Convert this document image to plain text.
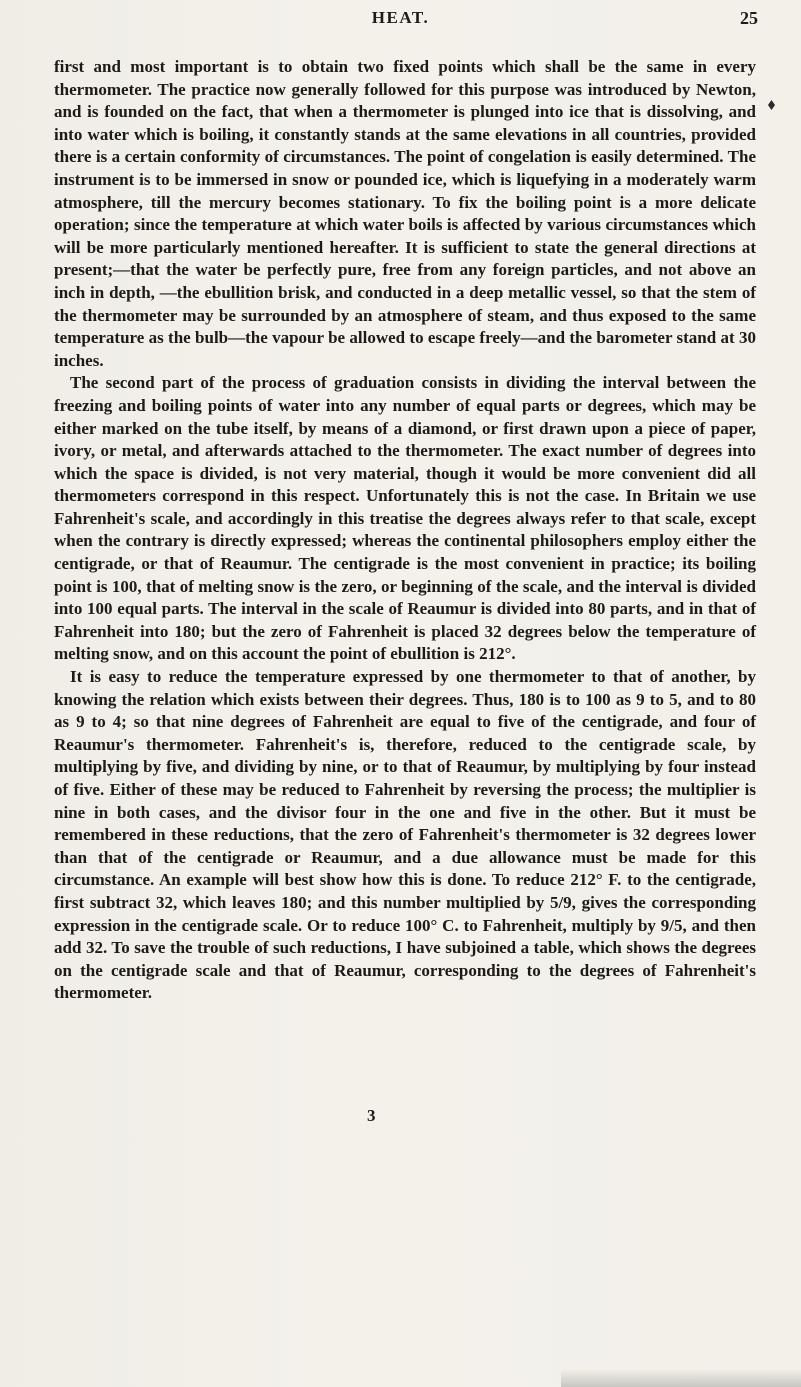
HEAT.	25

first and most important is to obtain two fixed points which shall be the same in every thermometer. The practice now generally followed for this purpose was introduced by Newton, and is founded on the fact, that when a thermometer is plunged into ice that is dissolving, and into water which is boiling, it constantly stands at the same elevations in all countries, provided there is a certain conformity of circumstances. The point of congelation is easily determined. The instrument is to be immersed in snow or pounded ice, which is liquefying in a moderately warm atmosphere, till the mercury becomes stationary. To fix the boiling point is a more delicate operation; since the temperature at which water boils is affected by various circumstances which will be more particularly mentioned hereafter. It is sufficient to state the general directions at present;—that the water be perfectly pure, free from any foreign particles, and not above an inch in depth, —the ebullition brisk, and conducted in a deep metallic vessel, so that the stem of the thermometer may be surrounded by an atmosphere of steam, and thus exposed to the same temperature as the bulb—the vapour be allowed to escape freely—and the barometer stand at 30 inches.

The second part of the process of graduation consists in dividing the interval between the freezing and boiling points of water into any number of equal parts or degrees, which may be either marked on the tube itself, by means of a diamond, or first drawn upon a piece of paper, ivory, or metal, and afterwards attached to the thermometer. The exact number of degrees into which the space is divided, is not very material, though it would be more convenient did all thermometers correspond in this respect. Unfortunately this is not the case. In Britain we use Fahrenheit's scale, and accordingly in this treatise the degrees always refer to that scale, except when the contrary is directly expressed; whereas the continental philosophers employ either the centigrade, or that of Reaumur. The centigrade is the most convenient in practice; its boiling point is 100, that of melting snow is the zero, or beginning of the scale, and the interval is divided into 100 equal parts. The interval in the scale of Reaumur is divided into 80 parts, and in that of Fahrenheit into 180; but the zero of Fahrenheit is placed 32 degrees below the temperature of melting snow, and on this account the point of ebullition is 212°.

It is easy to reduce the temperature expressed by one thermometer to that of another, by knowing the relation which exists between their degrees. Thus, 180 is to 100 as 9 to 5, and to 80 as 9 to 4; so that nine degrees of Fahrenheit are equal to five of the centigrade, and four of Reaumur's thermometer. Fahrenheit's is, therefore, reduced to the centigrade scale, by multiplying by five, and dividing by nine, or to that of Reaumur, by multiplying by four instead of five. Either of these may be reduced to Fahrenheit by reversing the process; the multiplier is nine in both cases, and the divisor four in the one and five in the other. But it must be remembered in these reductions, that the zero of Fahrenheit's thermometer is 32 degrees lower than that of the centigrade or Reaumur, and a due allowance must be made for this circumstance. An example will best show how this is done. To reduce 212° F. to the centigrade, first subtract 32, which leaves 180; and this number multiplied by 5/9, gives the corresponding expression in the centigrade scale. Or to reduce 100° C. to Fahrenheit, multiply by 9/5, and then add 32. To save the trouble of such reductions, I have subjoined a table, which shows the degrees on the centigrade scale and that of Reaumur, corresponding to the degrees of Fahrenheit's thermometer.

3
